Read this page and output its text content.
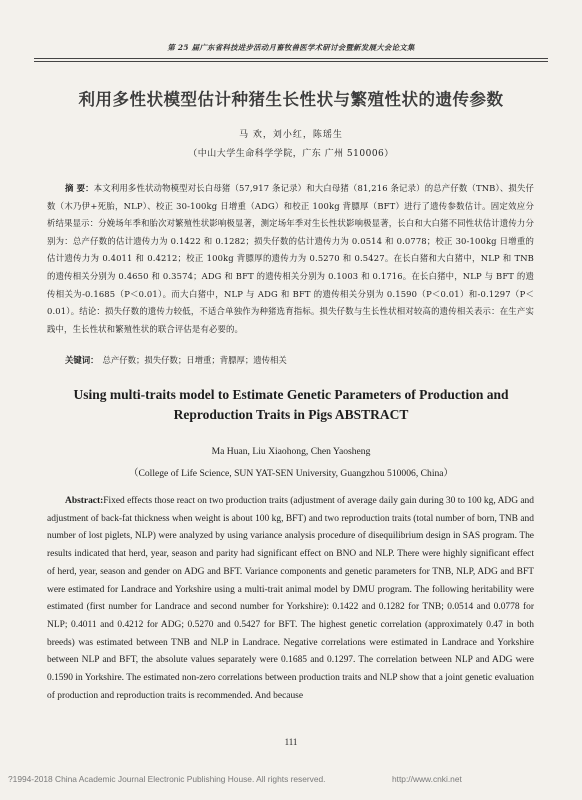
第 25 届广东省科技进步活动月畜牧兽医学术研讨会暨新发展大会论文集
利用多性状模型估计种猪生长性状与繁殖性状的遗传参数
马 欢，刘小红，陈瑶生
（中山大学生命科学学院，广东 广州 510006）

摘 要：本文利用多性状动物模型对长白母猪（57,917 条记录）和大白母猪（81,216 条记录）的总产仔数（TNB）、损失仔数（木乃伊+死胎，NLP）、校正 30-100kg 日增重（ADG）和校正 100kg 背膘厚（BFT）进行了遗传参数估计。固定效应分析结果显示：分娩场年季和胎次对繁殖性状影响极显著，测定场年季对生长性状影响极显著，长白和大白猪不同性状估计遗传力分别为：总产仔数的估计遗传力为 0.1422 和 0.1282；损失仔数的估计遗传力为 0.0514 和 0.0778；校正 30-100kg 日增重的估计遗传力为 0.4011 和 0.4212；校正 100kg 背膘厚的遗传力为 0.5270 和 0.5427。在长白猪和大白猪中，NLP 和 TNB 的遗传相关分别为 0.4650 和 0.3574；ADG 和 BFT 的遗传相关分别为 0.1003 和 0.1716。在长白猪中，NLP 与 BFT 的遗传相关为-0.1685（P＜0.01）。而大白猪中，NLP 与 ADG 和 BFT 的遗传相关分别为 0.1590（P＜0.01）和-0.1297（P＜0.01）。结论：损失仔数的遗传力较低，不适合单独作为种猪选育指标。损失仔数与生长性状相对较高的遗传相关表示：在生产实践中，生长性状和繁殖性状的联合评估是有必要的。

关键词： 总产仔数；损失仔数；日增重；背膘厚；遗传相关
Using multi-traits model to Estimate Genetic Parameters of Production and Reproduction Traits in Pigs ABSTRACT
Ma Huan, Liu Xiaohong, Chen Yaosheng
（College of Life Science, SUN YAT-SEN University, Guangzhou 510006, China）

Abstract:Fixed effects those react on two production traits (adjustment of average daily gain during 30 to 100 kg, ADG and adjustment of back-fat thickness when weight is about 100 kg, BFT) and two reproduction traits (total number of born, TNB and number of lost piglets, NLP) were analyzed by using variance analysis procedure of disequilibrium design in SAS program. The results indicated that herd, year, season and parity had significant effect on BNO and NLP. There were highly significant effect of herd, year, season and gender on ADG and BFT. Variance components and genetic parameters for TNB, NLP, ADG and BFT were estimated for Landrace and Yorkshire using a multi-trait animal model by DMU program. The following heritability were estimated (first number for Landrace and second number for Yorkshire): 0.1422 and 0.1282 for TNB; 0.0514 and 0.0778 for NLP; 0.4011 and 0.4212 for ADG; 0.5270 and 0.5427 for BFT. The highest genetic correlation (approximately 0.47 in both breeds) was estimated between TNB and NLP in Landrace. Negative correlations were estimated in Landrace and Yorkshire between NLP and BFT, the absolute values separately were 0.1685 and 0.1297. The correlation between NLP and ADG were 0.1590 in Yorkshire. The estimated non-zero correlations between production traits and NLP show that a joint genetic evaluation of production and reproduction traits is recommended. And because

111
?1994-2018 China Academic Journal Electronic Publishing House. All rights reserved.	http://www.cnki.net
